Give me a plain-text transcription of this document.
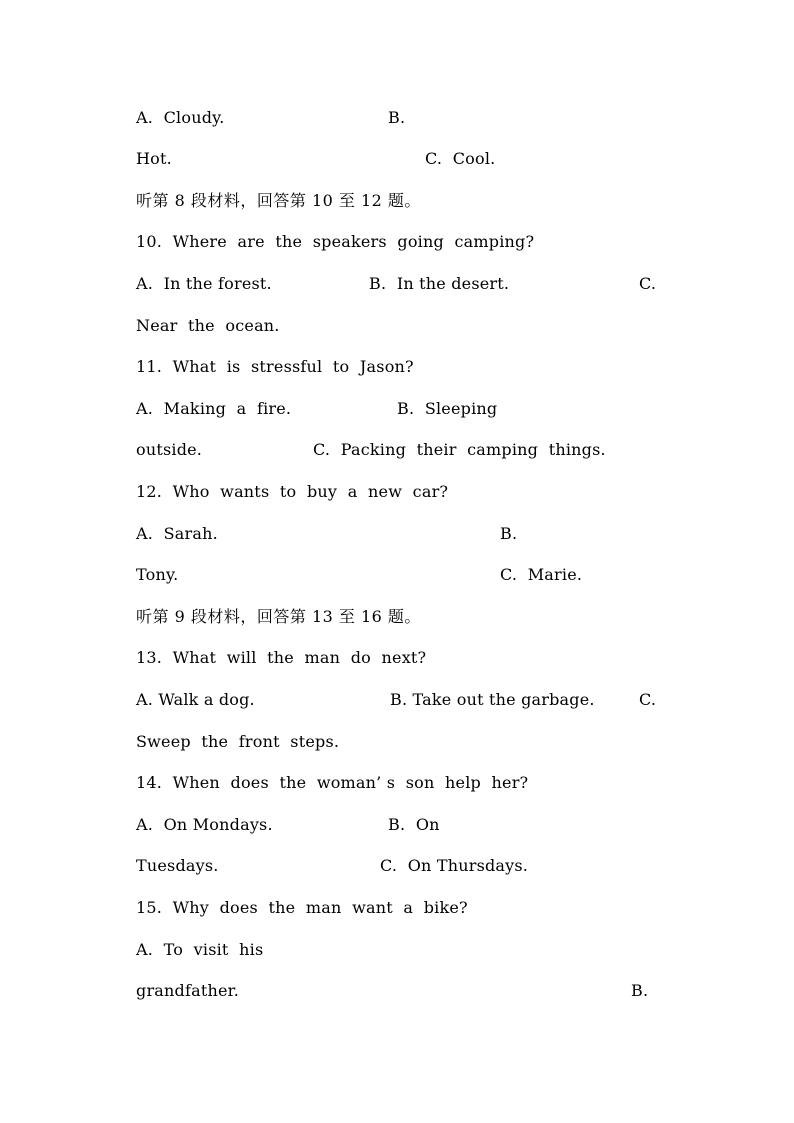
A.  Cloudy.	B.
Hot.	C.  Cool.
听第 8 段材料，回答第 10 至 12 题。
10.  Where  are  the  speakers  going  camping?
A.  In the forest.	B.  In the desert.	C.
Near  the  ocean.
11.  What  is  stressful  to  Jason?
A.  Making  a  fire.	B.  Sleeping
outside.	C.  Packing  their  camping  things.
12.  Who  wants  to  buy  a  new  car?
A.  Sarah.	B.
Tony.	C.  Marie.
听第 9 段材料，回答第 13 至 16 题。
13.  What  will  the  man  do  next?
A. Walk a dog.	B. Take out the garbage.	C.
Sweep  the  front  steps.
14.  When  does  the  woman’ s  son  help  her?
A.  On Mondays.	B.  On
Tuesdays.	C.  On Thursdays.
15.  Why  does  the  man  want  a  bike?
A.  To  visit  his
grandfather.	B.
